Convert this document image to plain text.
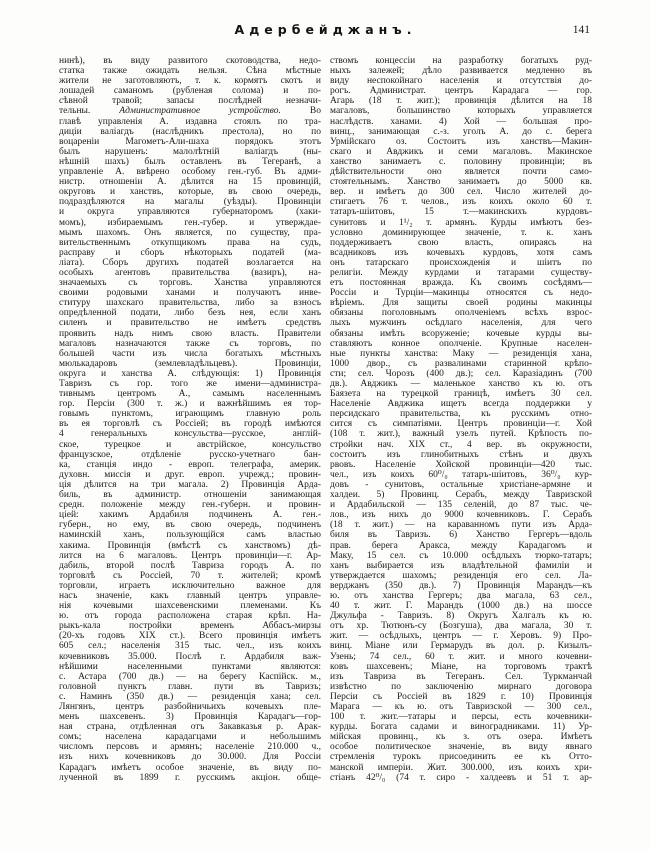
Адербейджанъ.	141
нинѣ), въ виду развитого скотоводства, недо-
статка также ожидать нельзя. Сѣна мѣстные
жители не заготовляютъ, т. к. кормятъ скотъ и
лошадей саманомъ (рубленая солома) и по-
сѣвной травой; запасы послѣдней незначи-
тельны. Административное устройство. Во
главѣ управленія А. издавна стоялъ по тра-
диціи валіагдъ (наслѣдникъ престола), но по
воцареніи Магометъ-Али-шаха порядокъ этотъ
былъ нарушенъ: малолѣтній валіагдъ (ны-
нѣшній шахъ) былъ оставленъ въ Тегеранѣ, а
управленіе А. ввѣрено особому ген.-губ. Въ адми-
нистр. отношеніи А. дѣлится на 15 провинцій,
округовъ и ханствъ, которые, въ свою очередь,
подраздѣляются на магалы (уѣзды). Провинціи
и округа управляются губернаторомъ (хаки-
момъ), избираемымъ ген.-губер. и утверждае-
мымъ шахомъ. Онъ является, по существу, пра-
вительственнымъ откупщикомъ права на судъ,
расправу и сборъ нѣкоторыхъ податей (ма-
ліата). Сборъ другихъ податей возлагается на
особыхъ агентовъ правительства (вазиръ), на-
значаемыхъ съ торговъ. Ханства управляются
своими родовыми ханами и получаютъ инве-
ституру шахскаго правительства, либо за взносъ
опредѣленной подати, либо безъ нея, если ханъ
силенъ и правительство не имѣетъ средствъ
проявить надъ нимъ свою власть. Правители
магаловъ назначаются также съ торговъ, по
большей части изъ числа богатыхъ мѣстныхъ
мюлькадаровъ (землевладѣльцевъ). Провинціи,
округа и ханства А. слѣдующія: 1) Провинція
Тавризъ съ гор. того же имени—администра-
тивнымъ центромъ А., самымъ населеннымъ
гор. Персіи (300 т. ж.) и важнѣйшимъ ея тор-
говымъ пунктомъ, играющимъ главную роль
въ ея торговлѣ съ Россіей; въ городѣ имѣются
4 генеральныхъ консульства—русское, англій-
ское, турецкое и австрійское, консульство
французское, отдѣленіе русско-учетнаго бан-
ка, станція индо - европ. телеграфа, америк.
духовн. миссія и друг. европ. учрежд.; провин-
ція дѣлится на три магала. 2) Провинція Арда-
биль, въ администр. отношеніи занимающая
средн. положеніе между ген.-губерн. и провин-
ціей: хакимъ Ардабиля подчиненъ А. ген.-
губерн., но ему, въ свою очередь, подчиненъ
наминскій ханъ, пользующійся самъ властью
хакима. Провинція (вмѣстѣ съ ханствомъ) дѣ-
лится на 6 магаловъ. Центръ провинціи—г. Ар-
дабиль, второй послѣ Тавриза городъ А. по
торговлѣ съ Россіей, 70 т. жителей; кромѣ
торговли, играетъ исключительно важное для
насъ значеніе, какъ главный центръ управле-
нія кочевыми шахсевенскими племенами. Къ
ю. отъ города расположена старая крѣп. На-
рыкъ-кала постройки временъ Аббасъ-мирзы
(20-хъ годовъ XIX ст.). Всего провинція имѣетъ
605 сел.; населенія 315 тыс. чел., изъ коихъ
кочевниковъ 35.000. Послѣ г. Ардабиля важ-
нѣйшими населенными пунктами являются:
с. Астара (700 дв.) — на берегу Каспійск. м.,
головной пунктъ главн. пути въ Тавризъ;
с. Наминъ (350 дв.) — резиденція хана; сел.
Лянгянъ, центръ разбойничьихъ кочевыхъ пле-
менъ шахсевенъ. 3) Провинція Карадагъ—гор-
ная страна, отдѣленная отъ Закавказья р. Арак-
сомъ; населена карадагцами и небольшимъ
числомъ персовъ и армянъ; населеніе 210.000 ч.,
изъ нихъ кочевниковъ до 30.000. Для Россіи
Карадагъ имѣетъ особое значеніе, въ виду по-
лученной въ 1899 г. русскимъ акціон. обще-
ствомъ концессіи на разработку богатыхъ руд-
ныхъ залежей; дѣло развивается медленно въ
виду неспокойнаго населенія и отсутствія до-
рогъ. Администрат. центръ Карадага — гор.
Агарь (18 т. жит.); провинція дѣлится на 18
магаловъ, большинство которыхъ управляется
наслѣдств. ханами. 4) Хой — большая про-
винц., занимающая с.-з. уголъ А. до с. берега
Урмійскаго оз. Состоитъ изъ ханствъ—Макин-
скаго и Авджикъ и семи магаловъ. Макинское
ханство занимаетъ с. половину провинціи; въ
дѣйствительности оно является почти само-
стоятельнымъ. Ханство занимаетъ до 5000 кв.
вер. и имѣетъ до 300 сел. Число жителей до-
стигаетъ 76 т. челов., изъ коихъ около 60 т.
татаръ-шіитовъ, 15 т.—макинскихъ курдовъ-
сунитовъ и 1¹/₂ т. армянъ. Курды имѣютъ без-
условно доминирующее значеніе, т. к. ханъ
поддерживаетъ свою власть, опираясь на
всадниковъ изъ кочевыхъ курдовъ, хотя самъ
онъ татарскаго происхожденія и шіитъ по
религіи. Между курдами и татарами существу-
етъ постоянная вражда. Къ своимъ сосѣдямъ—
Россіи и Турціи—макинцы относятся съ недо-
вѣріемъ. Для защиты своей родины макинцы
обязаны поголовнымъ ополченіемъ всѣхъ взрос-
лыхъ мужчинъ осѣдлаго населенія, для чего
обязаны имѣть всоруженіе; кочевые курды вы-
ставляютъ конное ополченіе. Крупные населен-
ные пункты ханства: Маку — резиденція хана,
1000 двор., съ развалинами старинной крѣпо-
сти; сел. Чорозъ (400 дв.); сел. Каразіадинъ (700
дв.). Авджикъ — маленькое ханство къ ю. отъ
Баязета на турецкой границѣ, имѣетъ 30 сел.
Населеніе Авджика ищетъ всегда поддержки у
персидскаго правительства, къ русскимъ отно-
сится съ симпатіями. Центръ провинціи—г. Хой
(108 т. жит.), важный узелъ путей. Крѣпость по-
стройки нач. XIX ст., 4 вер. въ окружности,
состоитъ изъ глинобитныхъ стѣнъ и двухъ
рвовъ. Населеніе Хойской провинціи—420 тыс.
чел., изъ коихъ 60⁰/₀ татаръ-шіитовъ, 36⁰/₀ кур-
довъ - сунитовъ, остальные христіане-армяне и
халдеи. 5) Провинц. Серабъ, между Тавризской
и Ардабильской — 135 селеній, до 87 тыс. че-
лов., изъ нихъ до 9000 кочевниковъ. Г. Серабъ
(18 т. жит.) — на караванномъ пути изъ Арда-
биля въ Тавризъ. 6) Ханство Гергеръ—вдоль
прав. берега Аракса, между Карадагомъ и
Маку, 15 сел. съ 10.000 осѣдлыхъ тюрко-татаръ;
ханъ выбирается изъ владѣтельной фамиліи и
утверждается шахомъ; резиденція его сел. Ла-
верджанъ (350 дв.). 7) Провинція Марандъ—къ
ю. отъ ханства Гергеръ; два магала, 63 сел.,
40 т. жит. Г. Марандъ (1000 дв.) на шоссе
Джульфа - Тавризъ. 8) Округъ Халгалъ къ ю.
отъ хр. Тютюнъ-су (Бозгуша), два магала, 30 т.
жит. — осѣдлыхъ, центръ — г. Херовъ. 9) Про-
винц. Міане или Гермарудъ въ дол. р. Кизылъ-
Узень; 74 сел., 60 т. жит. и много кочевни-
ковъ шахсевенъ; Міане, на торговомъ трактѣ
изъ Тавриза въ Тегеранъ. Сел. Туркманчай
извѣстно по заключенію мирнаго договора
Персіи съ Россіей въ 1829 г. 10) Провинція
Марага — къ ю. отъ Тавризской — 300 сел.,
100 т. жит.—татары и персы, есть кочевники-
курды. Богата садами и виноградниками. 11) Ур-
мійская провинц., къ з. отъ озера. Имѣетъ
особое политическое значеніе, въ виду явнаго
стремленія турокъ присоединить ее къ Отто-
манской имперіи. Жит. 300.000, изъ коихъ хри-
стіанъ 42⁰/₀ (74 т. сиро - халдеевъ и 51 т. ар-
